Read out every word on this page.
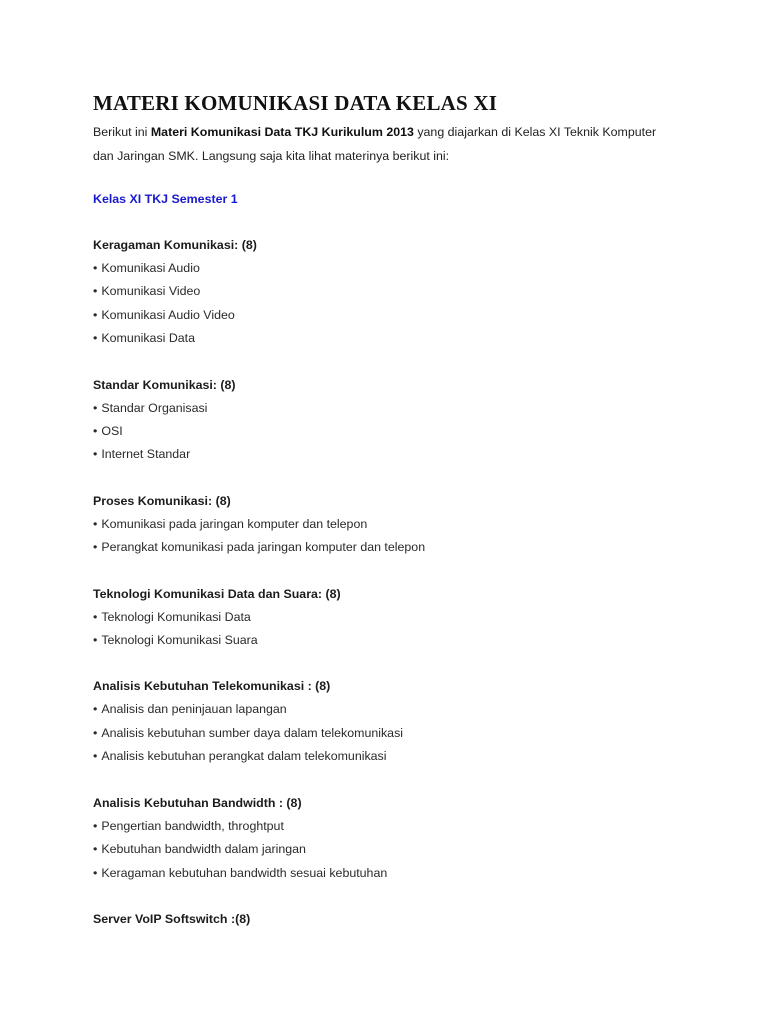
MATERI KOMUNIKASI DATA KELAS XI

Berikut ini Materi Komunikasi Data TKJ Kurikulum 2013 yang diajarkan di Kelas XI Teknik Komputer dan Jaringan SMK. Langsung saja kita lihat materinya berikut ini:

Kelas XI TKJ Semester 1
Keragaman Komunikasi: (8)
• Komunikasi Audio
• Komunikasi Video
• Komunikasi Audio Video
• Komunikasi Data
Standar Komunikasi: (8)
• Standar Organisasi
• OSI
• Internet Standar
Proses Komunikasi: (8)
• Komunikasi pada jaringan komputer dan telepon
• Perangkat komunikasi pada jaringan komputer dan telepon
Teknologi Komunikasi Data dan Suara: (8)
• Teknologi Komunikasi Data
• Teknologi Komunikasi Suara
Analisis Kebutuhan Telekomunikasi : (8)
• Analisis dan peninjauan lapangan
• Analisis kebutuhan sumber daya dalam telekomunikasi
• Analisis kebutuhan perangkat dalam telekomunikasi
Analisis Kebutuhan Bandwidth : (8)
• Pengertian bandwidth, throghtput
• Kebutuhan bandwidth dalam jaringan
• Keragaman kebutuhan bandwidth sesuai kebutuhan
Server VoIP Softswitch :(8)
